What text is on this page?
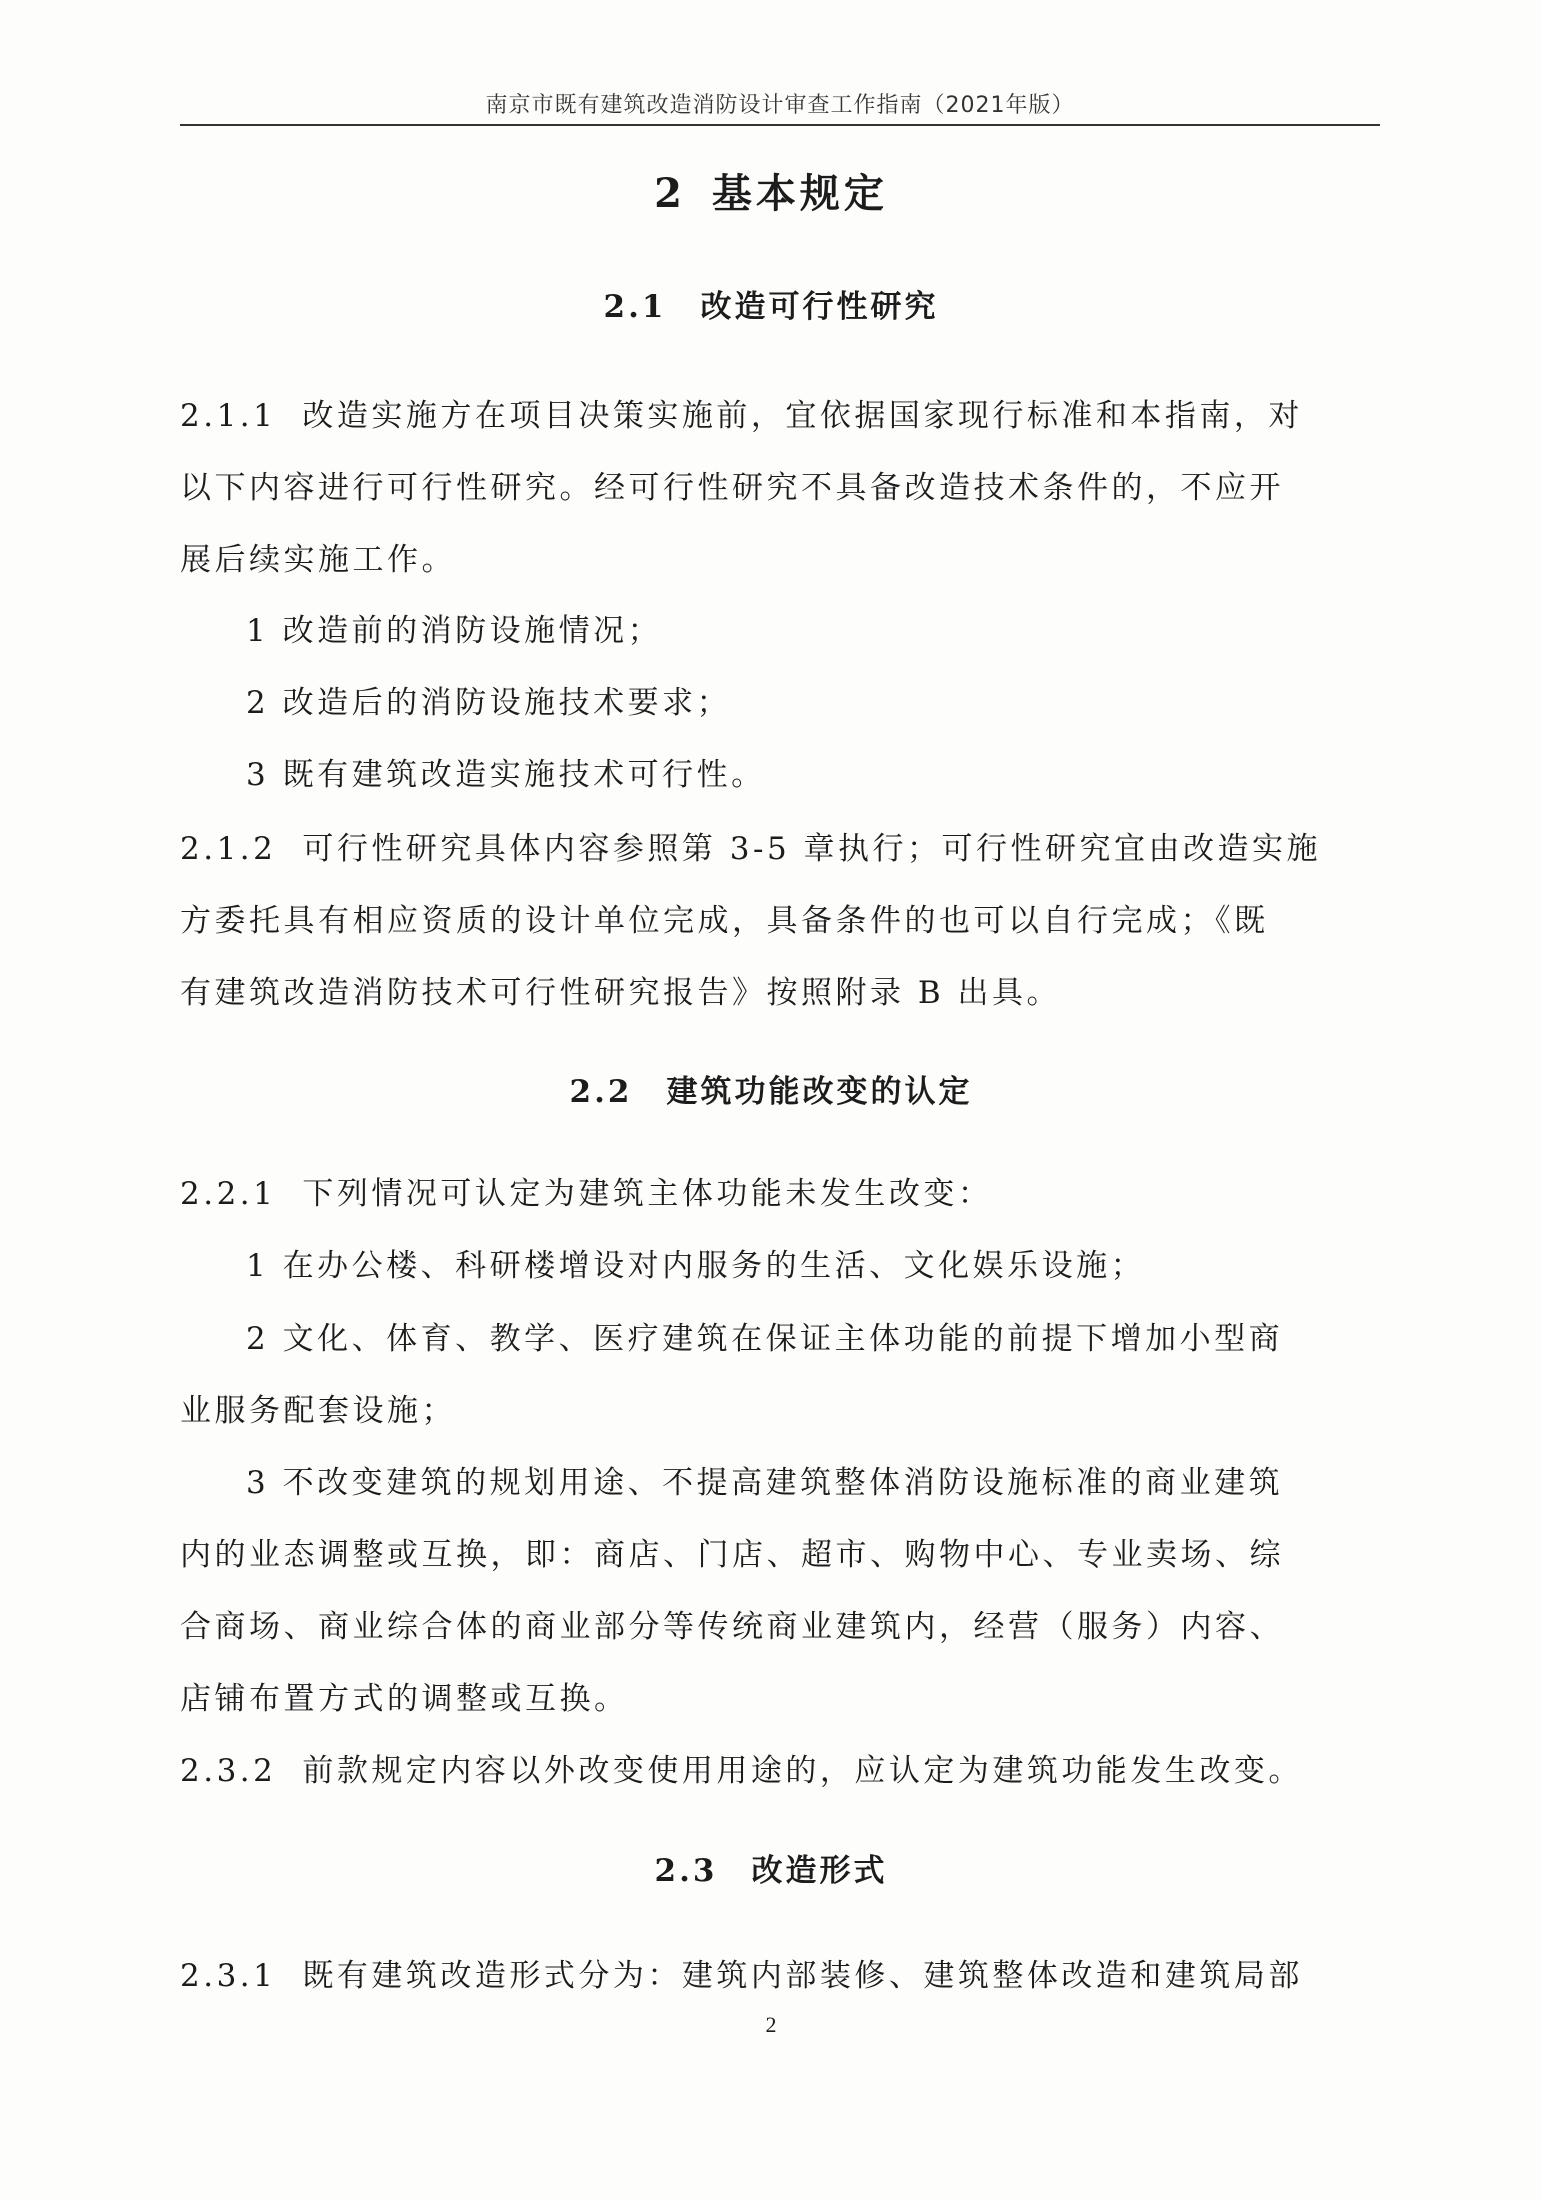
南京市既有建筑改造消防设计审查工作指南（2021年版）
2 基本规定
2.1 改造可行性研究
2.1.1 改造实施方在项目决策实施前，宜依据国家现行标准和本指南，对
以下内容进行可行性研究。经可行性研究不具备改造技术条件的，不应开
展后续实施工作。
1 改造前的消防设施情况；
2 改造后的消防设施技术要求；
3 既有建筑改造实施技术可行性。
2.1.2 可行性研究具体内容参照第 3-5 章执行；可行性研究宜由改造实施
方委托具有相应资质的设计单位完成，具备条件的也可以自行完成；《既
有建筑改造消防技术可行性研究报告》按照附录 B 出具。
2.2 建筑功能改变的认定
2.2.1 下列情况可认定为建筑主体功能未发生改变：
1 在办公楼、科研楼增设对内服务的生活、文化娱乐设施；
2 文化、体育、教学、医疗建筑在保证主体功能的前提下增加小型商
业服务配套设施；
3 不改变建筑的规划用途、不提高建筑整体消防设施标准的商业建筑
内的业态调整或互换，即：商店、门店、超市、购物中心、专业卖场、综
合商场、商业综合体的商业部分等传统商业建筑内，经营（服务）内容、
店铺布置方式的调整或互换。
2.3.2 前款规定内容以外改变使用用途的，应认定为建筑功能发生改变。
2.3 改造形式
2.3.1 既有建筑改造形式分为：建筑内部装修、建筑整体改造和建筑局部
2
